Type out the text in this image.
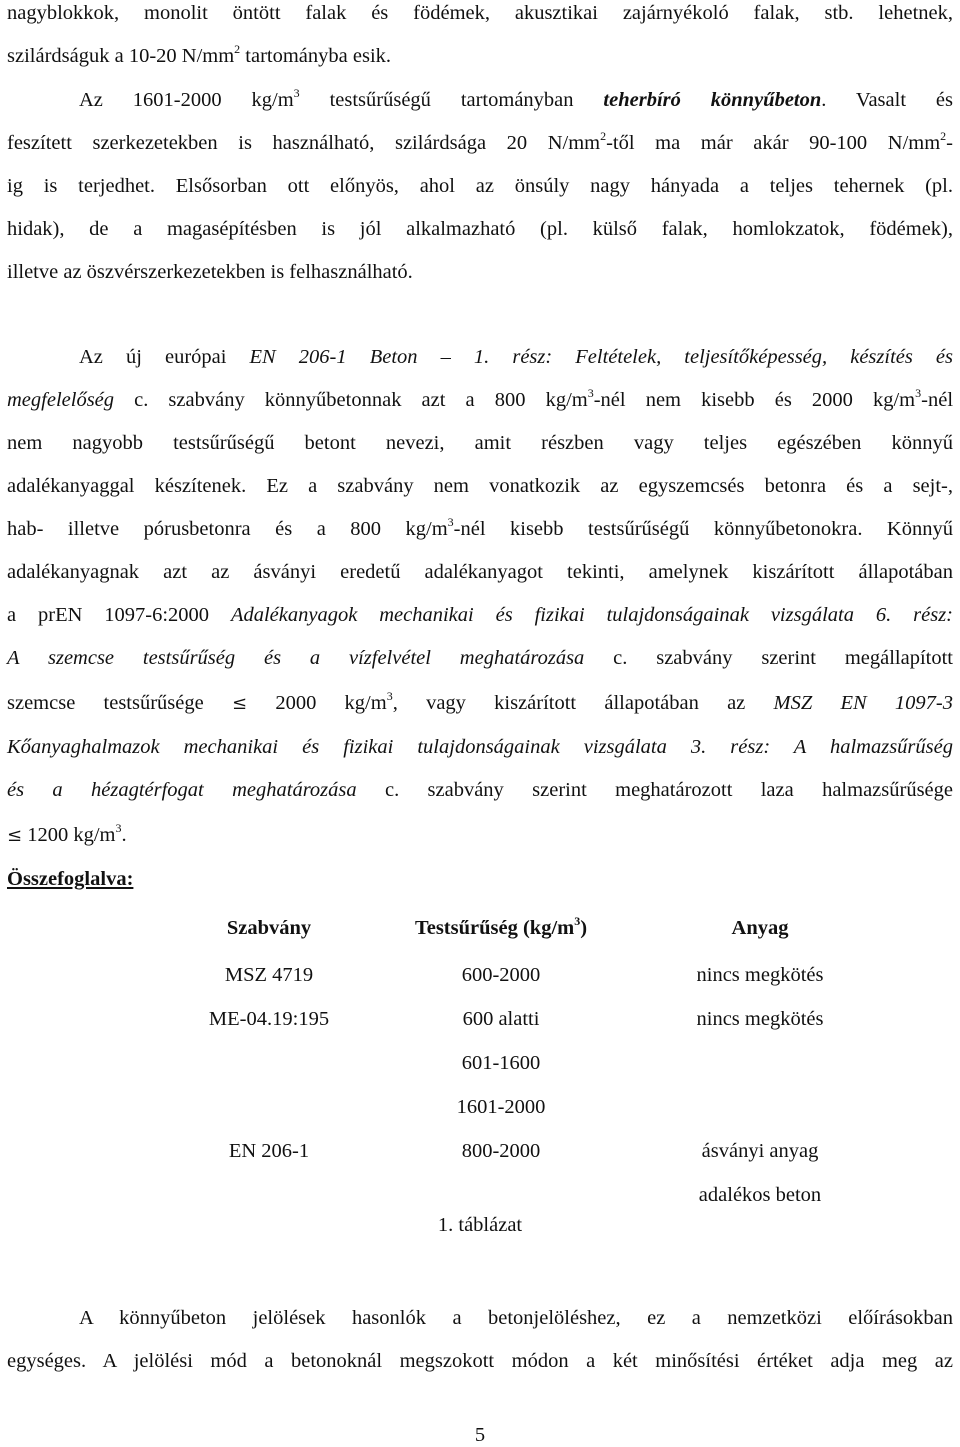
nagyblokkok, monolit öntött falak és födémek, akusztikai zajárnyékoló falak, stb. lehetnek,

szilárdságuk a 10-20 $N/mm^2$ tartományba esik.

Az 1601-2000 $kg/m^3$ testsűrűségű tartományban teherbíró könnyűbeton. Vasalt és

feszített szerkezetekben is használható, szilárdsága 20 $N/mm^2$-től ma már akár 90-100 $N/mm^2-$

ig is terjedhet. Elsősorban ott előnyös, ahol az önsúly nagy hányada a teljes tehernek (pl.

hidak), de a magasépítésben is jól alkalmazható (pl. külső falak, homlokzatok, födémek),

illetve az öszvérszerkezetekben is felhasználható.

Az új európai EN 206-1 Beton – 1. rész: Feltételek, teljesítőképesség, készítés és

megfelelőség c. szabvány könnyűbetonnak azt a 800 $kg/m^3$-nél nem kisebb és 2000 $kg/m^3$-nél

nem nagyobb testsűrűségű betont nevezi, amit részben vagy teljes egészében könnyű

adalékanyaggal készítenek. Ez a szabvány nem vonatkozik az egyszemcsés betonra és a sejt-,

hab- illetve pórusbetonra és a 800 $kg/m^3$-nél kisebb testsűrűségű könnyűbetonokra. Könnyű

adalékanyagnak azt az ásványi eredetű adalékanyagot tekinti, amelynek kiszárított állapotában

a prEN 1097-6:2000 Adalékanyagok mechanikai és fizikai tulajdonságainak vizsgálata 6. rész:

A szemcse testsűrűség és a vízfelvétel meghatározása c. szabvány szerint megállapított

szemcse testsűrűsége ≤ 2000 $kg/m^3$, vagy kiszárított állapotában az MSZ EN 1097-3

Kőanyaghalmazok mechanikai és fizikai tulajdonságainak vizsgálata 3. rész: A halmazsűrűség

és a hézagtérfogat meghatározása c. szabvány szerint meghatározott laza halmazsűrűsége

≤ 1200 $kg/m^3$.

Összefoglalva:
Szabvány	Testsűrűség $(kg/m^3)$	Anyag
MSZ 4719	600-2000	nincs megkötés
ME-04.19:195	600 alatti	nincs megkötés
	601-1600	
	1601-2000	
EN 206-1	800-2000	ásványi anyag
		adalékos beton
1. táblázat

A könnyűbeton jelölések hasonlók a betonjelöléshez, ez a nemzetközi előírásokban

egységes. A jelölési mód a betonoknál megszokott módon a két minősítési értéket adja meg az

5
